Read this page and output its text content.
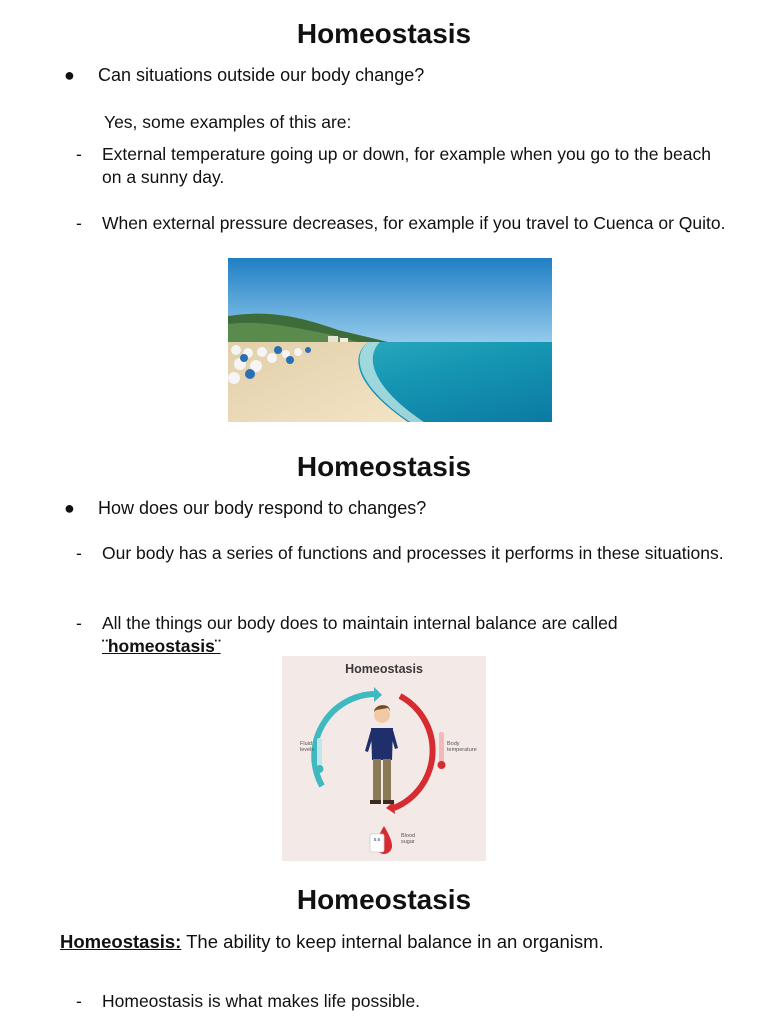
Homeostasis
● Can situations outside our body change?
Yes, some examples of this are:
- External temperature going up or down, for example when you go to the beach on a sunny day.
- When external pressure decreases, for example if you travel to Cuenca or Quito.
Homeostasis
● How does our body respond to changes?
- Our body has a series of functions and processes it performs in these situations.
- All the things our body does to maintain internal balance are called
¨homeostasis¨
Homeostasis
Fluid
levels
Body
temperature
Blood
sugar
5.6
Homeostasis
Homeostasis: The ability to keep internal balance in an organism.
- Homeostasis is what makes life possible.
